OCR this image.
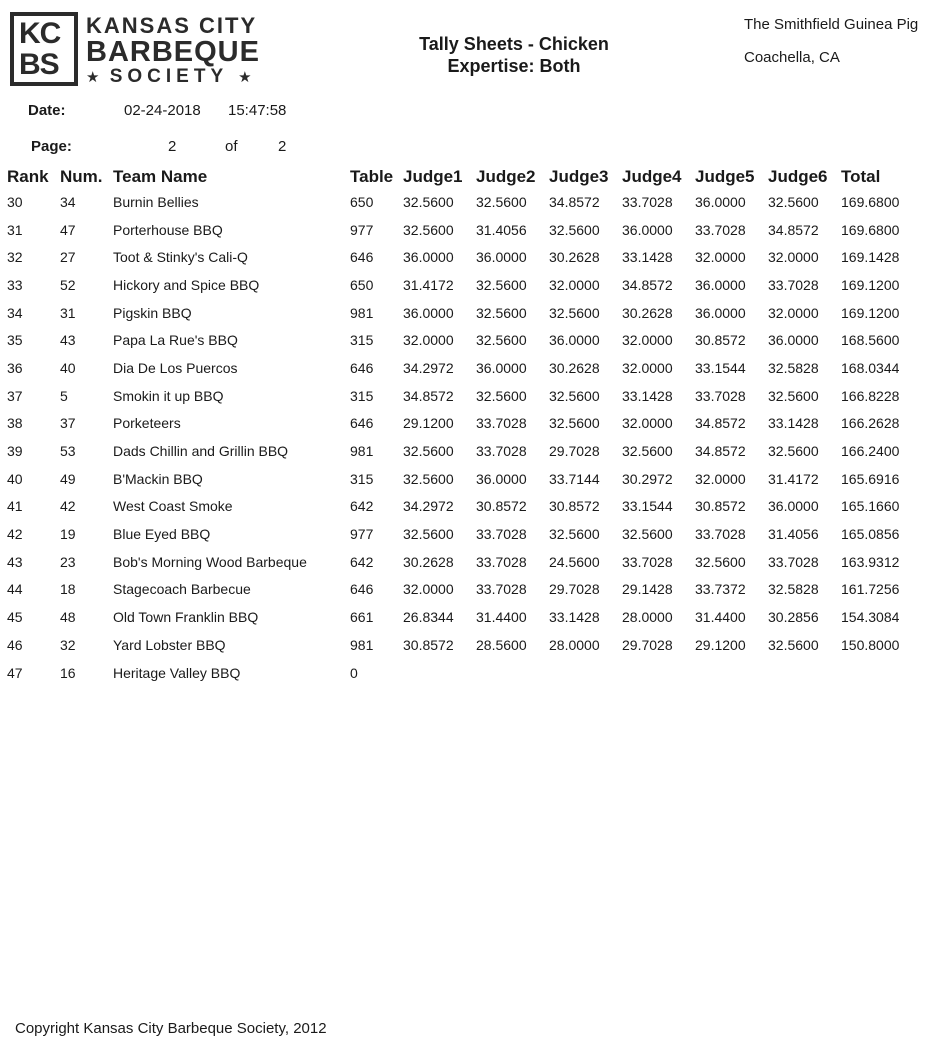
KC
BS
KANSAS CITY
BARBEQUE
★ SOCIETY ★
Tally Sheets - Chicken
Expertise: Both
The Smithfield Guinea Pig
Coachella, CA
Date:	02-24-2018 15:47:58
Page:	2	of	2
Rank	Num.	Team Name	Table	Judge1	Judge2	Judge3	Judge4	Judge5	Judge6	Total
30	34	Burnin Bellies	650	32.5600	32.5600	34.8572	33.7028	36.0000	32.5600	169.6800
31	47	Porterhouse BBQ	977	32.5600	31.4056	32.5600	36.0000	33.7028	34.8572	169.6800
32	27	Toot & Stinky's Cali-Q	646	36.0000	36.0000	30.2628	33.1428	32.0000	32.0000	169.1428
33	52	Hickory and Spice BBQ	650	31.4172	32.5600	32.0000	34.8572	36.0000	33.7028	169.1200
34	31	Pigskin BBQ	981	36.0000	32.5600	32.5600	30.2628	36.0000	32.0000	169.1200
35	43	Papa La Rue's BBQ	315	32.0000	32.5600	36.0000	32.0000	30.8572	36.0000	168.5600
36	40	Dia De Los Puercos	646	34.2972	36.0000	30.2628	32.0000	33.1544	32.5828	168.0344
37	5	Smokin it up BBQ	315	34.8572	32.5600	32.5600	33.1428	33.7028	32.5600	166.8228
38	37	Porketeers	646	29.1200	33.7028	32.5600	32.0000	34.8572	33.1428	166.2628
39	53	Dads Chillin and Grillin BBQ	981	32.5600	33.7028	29.7028	32.5600	34.8572	32.5600	166.2400
40	49	B'Mackin BBQ	315	32.5600	36.0000	33.7144	30.2972	32.0000	31.4172	165.6916
41	42	West Coast Smoke	642	34.2972	30.8572	30.8572	33.1544	30.8572	36.0000	165.1660
42	19	Blue Eyed BBQ	977	32.5600	33.7028	32.5600	32.5600	33.7028	31.4056	165.0856
43	23	Bob's Morning Wood Barbeque	642	30.2628	33.7028	24.5600	33.7028	32.5600	33.7028	163.9312
44	18	Stagecoach Barbecue	646	32.0000	33.7028	29.7028	29.1428	33.7372	32.5828	161.7256
45	48	Old Town Franklin BBQ	661	26.8344	31.4400	33.1428	28.0000	31.4400	30.2856	154.3084
46	32	Yard Lobster BBQ	981	30.8572	28.5600	28.0000	29.7028	29.1200	32.5600	150.8000
47	16	Heritage Valley BBQ	0							
Copyright Kansas City Barbeque Society, 2012
